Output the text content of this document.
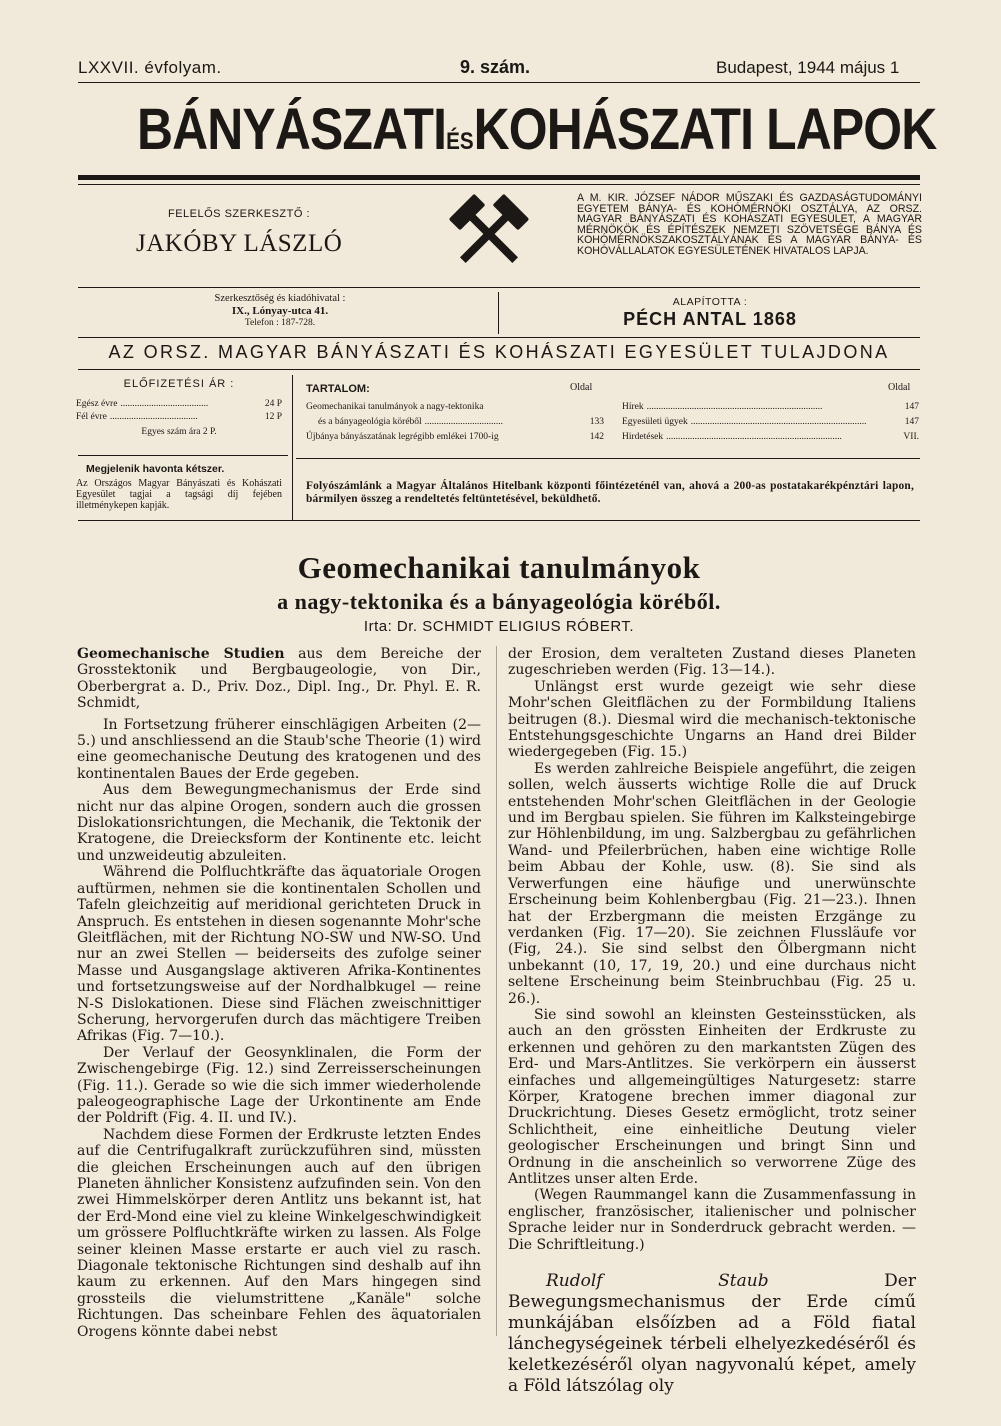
LXXVII. évfolyam.	9. szám.	Budapest, 1944 május 1
BÁNYÁSZATIÉSKOHÁSZATI LAPOK
FELELŐS SZERKESZTŐ :
JAKÓBY LÁSZLÓ
A M. KIR. JÓZSEF NÁDOR MŰSZAKI ÉS GAZDASÁGTUDOMÁNYI EGYETEM BÁNYA- ÉS KOHÓMÉRNÖKI OSZTÁLYA, AZ ORSZ. MAGYAR BÁNYÁSZATI ÉS KOHÁSZATI EGYESÜLET, A MAGYAR MÉRNÖKÖK ÉS ÉPÍTÉSZEK NEMZETI SZÖVETSÉGE BÁNYA ÉS KOHÓMÉRNÖKSZAKOSZTÁLYÁNAK ÉS A MAGYAR BÁNYA- ÉS KOHÓVÁLLALATOK EGYESÜLETÉNEK HIVATALOS LAPJA.
Szerkesztőség és kiadóhivatal :
IX., Lónyay-utca 41.
Telefon : 187-728.
ALAPÍTOTTA :
PÉCH ANTAL 1868
AZ ORSZ. MAGYAR BÁNYÁSZATI ÉS KOHÁSZATI EGYESÜLET TULAJDONA
ELŐFIZETÉSI ÁR :
Egész évre .....................................	24 P
Fél évre .....................................	12 P
Egyes szám ára 2 P.
Megjelenik havonta kétszer.
Az Országos Magyar Bányászati és Kohászati Egyesület tagjai a tagsági díj fejében illetménykepen kapják.
TARTALOM:	Oldal	Oldal
Geomechanikai tanulmányok a nagy-tektonika
és a bányageológia köréből .................................	133
Újbánya bányászatának legrégibb emlékei 1700-ig	142
Hírek ..........................................................................	147
Egyesületi ügyek ..........................................................................	147
Hirdetések ..........................................................................	VII.
Folyószámlánk a Magyar Általános Hitelbank központi főintézeténél van, ahová a 200-as postatakarékpénztári lapon, bármilyen összeg a rendeltetés feltüntetésével, beküldhető.
Geomechanikai tanulmányok
a nagy-tektonika és a bányageológia köréből.
Irta: Dr. SCHMIDT ELIGIUS RÓBERT.

Geomechanische Studien aus dem Bereiche der Grosstektonik und Bergbaugeologie, von Dir., Oberbergrat a. D., Priv. Doz., Dipl. Ing., Dr. Phyl. E. R. Schmidt,

In Fortsetzung früherer einschlägigen Arbeiten (2—5.) und anschliessend an die Staub'sche Theorie (1) wird eine geomechanische Deutung des kratogenen und des kontinentalen Baues der Erde gegeben.

Aus dem Bewegungmechanismus der Erde sind nicht nur das alpine Orogen, sondern auch die grossen Dislokationsrichtungen, die Mechanik, die Tektonik der Kratogene, die Dreiecksform der Kontinente etc. leicht und unzweideutig abzuleiten.

Während die Polfluchtkräfte das äquatoriale Orogen auftürmen, nehmen sie die kontinentalen Schollen und Tafeln gleichzeitig auf meridional gerichteten Druck in Anspruch. Es entstehen in diesen sogenannte Mohr'sche Gleitflächen, mit der Richtung NO-SW und NW-SO. Und nur an zwei Stellen — beiderseits des zufolge seiner Masse und Ausgangslage aktiveren Afrika-Kontinentes und fortsetzungsweise auf der Nordhalbkugel — reine N-S Dislokationen. Diese sind Flächen zweischnittiger Scherung, hervorgerufen durch das mächtigere Treiben Afrikas (Fig. 7—10.).

Der Verlauf der Geosynklinalen, die Form der Zwischengebirge (Fig. 12.) sind Zerreisserscheinungen (Fig. 11.). Gerade so wie die sich immer wiederholende paleogeographische Lage der Urkontinente am Ende der Poldrift (Fig. 4. II. und IV.).

Nachdem diese Formen der Erdkruste letzten Endes auf die Centrifugalkraft zurückzuführen sind, müssten die gleichen Erscheinungen auch auf den übrigen Planeten ähnlicher Konsistenz aufzufinden sein. Von den zwei Himmelskörper deren Antlitz uns bekannt ist, hat der Erd-Mond eine viel zu kleine Winkelgeschwindigkeit um grössere Polfluchtkräfte wirken zu lassen. Als Folge seiner kleinen Masse erstarte er auch viel zu rasch. Diagonale tektonische Richtungen sind deshalb auf ihn kaum zu erkennen. Auf den Mars hingegen sind grossteils die vielumstrittene „Kanäle" solche Richtungen. Das scheinbare Fehlen des äquatorialen Orogens könnte dabei nebst

der Erosion, dem veralteten Zustand dieses Planeten zugeschrieben werden (Fig. 13—14.).

Unlängst erst wurde gezeigt wie sehr diese Mohr'schen Gleitflächen zu der Formbildung Italiens beitrugen (8.). Diesmal wird die mechanisch-tektonische Entstehungsgeschichte Ungarns an Hand drei Bilder wiedergegeben (Fig. 15.)

Es werden zahlreiche Beispiele angeführt, die zeigen sollen, welch äusserts wichtige Rolle die auf Druck entstehenden Mohr'schen Gleitflächen in der Geologie und im Bergbau spielen. Sie führen im Kalksteingebirge zur Höhlenbildung, im ung. Salzbergbau zu gefährlichen Wand- und Pfeilerbrüchen, haben eine wichtige Rolle beim Abbau der Kohle, usw. (8). Sie sind als Verwerfungen eine häufige und unerwünschte Erscheinung beim Kohlenbergbau (Fig. 21—23.). Ihnen hat der Erzbergmann die meisten Erzgänge zu verdanken (Fig. 17—20). Sie zeichnen Flussläufe vor (Fig, 24.). Sie sind selbst den Ölbergmann nicht unbekannt (10, 17, 19, 20.) und eine durchaus nicht seltene Erscheinung beim Steinbruchbau (Fig. 25 u. 26.).

Sie sind sowohl an kleinsten Gesteinsstücken, als auch an den grössten Einheiten der Erdkruste zu erkennen und gehören zu den markantsten Zügen des Erd- und Mars-Antlitzes. Sie verkörpern ein äusserst einfaches und allgemeingültiges Naturgesetz: starre Körper, Kratogene brechen immer diagonal zur Druckrichtung. Dieses Gesetz ermöglicht, trotz seiner Schlichtheit, eine einheitliche Deutung vieler geologischer Erscheinungen und bringt Sinn und Ordnung in die anscheinlich so verworrene Züge des Antlitzes unser alten Erde.

(Wegen Raummangel kann die Zusammenfassung in englischer, französischer, italienischer und polnischer Sprache leider nur in Sonderdruck gebracht werden. — Die Schriftleitung.)

Rudolf Staub Der Bewegungsmechanismus der Erde című munkájában elsőízben ad a Föld fiatal lánchegységeinek térbeli elhelyezkedéséről és keletkezéséről olyan nagyvonalú képet, amely a Föld látszólag oly
